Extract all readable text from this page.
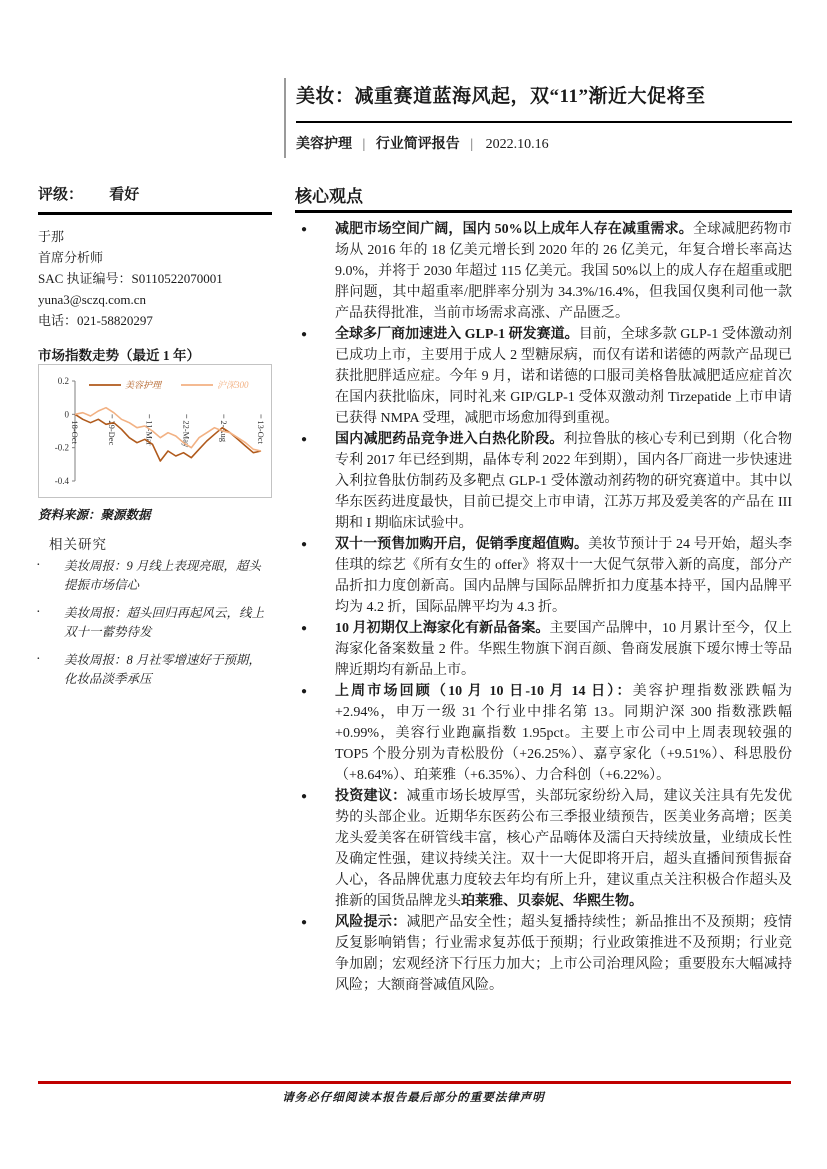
美妆：减重赛道蓝海风起，双“11”渐近大促将至
美容护理 | 行业简评报告 | 2022.10.16
评级： 看好
于那
首席分析师
SAC 执证编号：S0110522070001
yuna3@sczq.com.cn
电话：021-58820297
市场指数走势（最近 1 年）
0.2
0
-0.2
-0.4
18-Oct	29-Dec	11-Mar	22-May	2-Aug	13-Oct
美容护理	沪深300
资料来源：聚源数据
相关研究
·	美妆周报：9 月线上表现亮眼，超头提振市场信心
·	美妆周报：超头回归再起风云，线上双十一蓄势待发
·	美妆周报：8 月社零增速好于预期，化妆品淡季承压
核心观点
●	减肥市场空间广阔，国内 50%以上成年人存在减重需求。全球减肥药物市场从 2016 年的 18 亿美元增长到 2020 年的 26 亿美元，年复合增长率高达 9.0%，并将于 2030 年超过 115 亿美元。我国 50%以上的成人存在超重或肥胖问题，其中超重率/肥胖率分别为 34.3%/16.4%，但我国仅奥利司他一款产品获得批准，当前市场需求高涨、产品匮乏。
●	全球多厂商加速进入 GLP-1 研发赛道。目前，全球多款 GLP-1 受体激动剂已成功上市，主要用于成人 2 型糖尿病，而仅有诺和诺德的两款产品现已获批肥胖适应症。今年 9 月，诺和诺德的口服司美格鲁肽减肥适应症首次在国内获批临床，同时礼来 GIP/GLP-1 受体双激动剂 Tirzepatide 上市申请已获得 NMPA 受理，减肥市场愈加得到重视。
●	国内减肥药品竞争进入白热化阶段。利拉鲁肽的核心专利已到期（化合物专利 2017 年已经到期，晶体专利 2022 年到期），国内各厂商进一步快速进入利拉鲁肽仿制药及多靶点 GLP-1 受体激动剂药物的研究赛道中。其中以华东医药进度最快，目前已提交上市申请，江苏万邦及爱美客的产品在 III 期和 I 期临床试验中。
●	双十一预售加购开启，促销季度超值购。美妆节预计于 24 号开始，超头李佳琪的综艺《所有女生的 offer》将双十一大促气氛带入新的高度，部分产品折扣力度创新高。国内品牌与国际品牌折扣力度基本持平，国内品牌平均为 4.2 折，国际品牌平均为 4.3 折。
●	10 月初期仅上海家化有新品备案。主要国产品牌中，10 月累计至今，仅上海家化备案数量 2 件。华熙生物旗下润百颜、鲁商发展旗下瑷尔博士等品牌近期均有新品上市。
●	上周市场回顾（10 月 10 日-10 月 14 日）：美容护理指数涨跌幅为 +2.94%，申万一级 31 个行业中排名第 13。同期沪深 300 指数涨跌幅 +0.99%，美容行业跑赢指数 1.95pct。主要上市公司中上周表现较强的 TOP5 个股分别为青松股份（+26.25%）、嘉亨家化（+9.51%）、科思股份（+8.64%）、珀莱雅（+6.35%）、力合科创（+6.22%）。
●	投资建议：减重市场长坡厚雪，头部玩家纷纷入局，建议关注具有先发优势的头部企业。近期华东医药公布三季报业绩预告，医美业务高增；医美龙头爱美客在研管线丰富，核心产品嗨体及濡白天持续放量，业绩成长性及确定性强，建议持续关注。双十一大促即将开启，超头直播间预售振奋人心，各品牌优惠力度较去年均有所上升，建议重点关注积极合作超头及推新的国货品牌龙头珀莱雅、贝泰妮、华熙生物。
●	风险提示：减肥产品安全性；超头复播持续性；新品推出不及预期；疫情反复影响销售；行业需求复苏低于预期；行业政策推进不及预期；行业竞争加剧；宏观经济下行压力加大；上市公司治理风险；重要股东大幅减持风险；大额商誉减值风险。
请务必仔细阅读本报告最后部分的重要法律声明
